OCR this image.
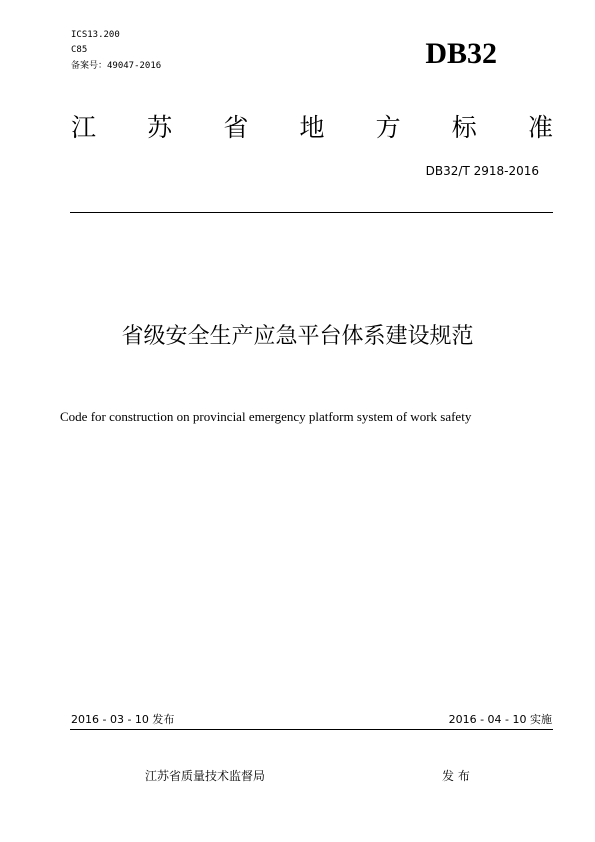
ICS13.200
C85
备案号：49047-2016	DB32
江 苏 省 地 方 标 准
DB32/T 2918-2016
省级安全生产应急平台体系建设规范
Code for construction on provincial emergency platform system of work safety
2016 - 03 - 10 发布	2016 - 04 - 10 实施
江苏省质量技术监督局	发 布
